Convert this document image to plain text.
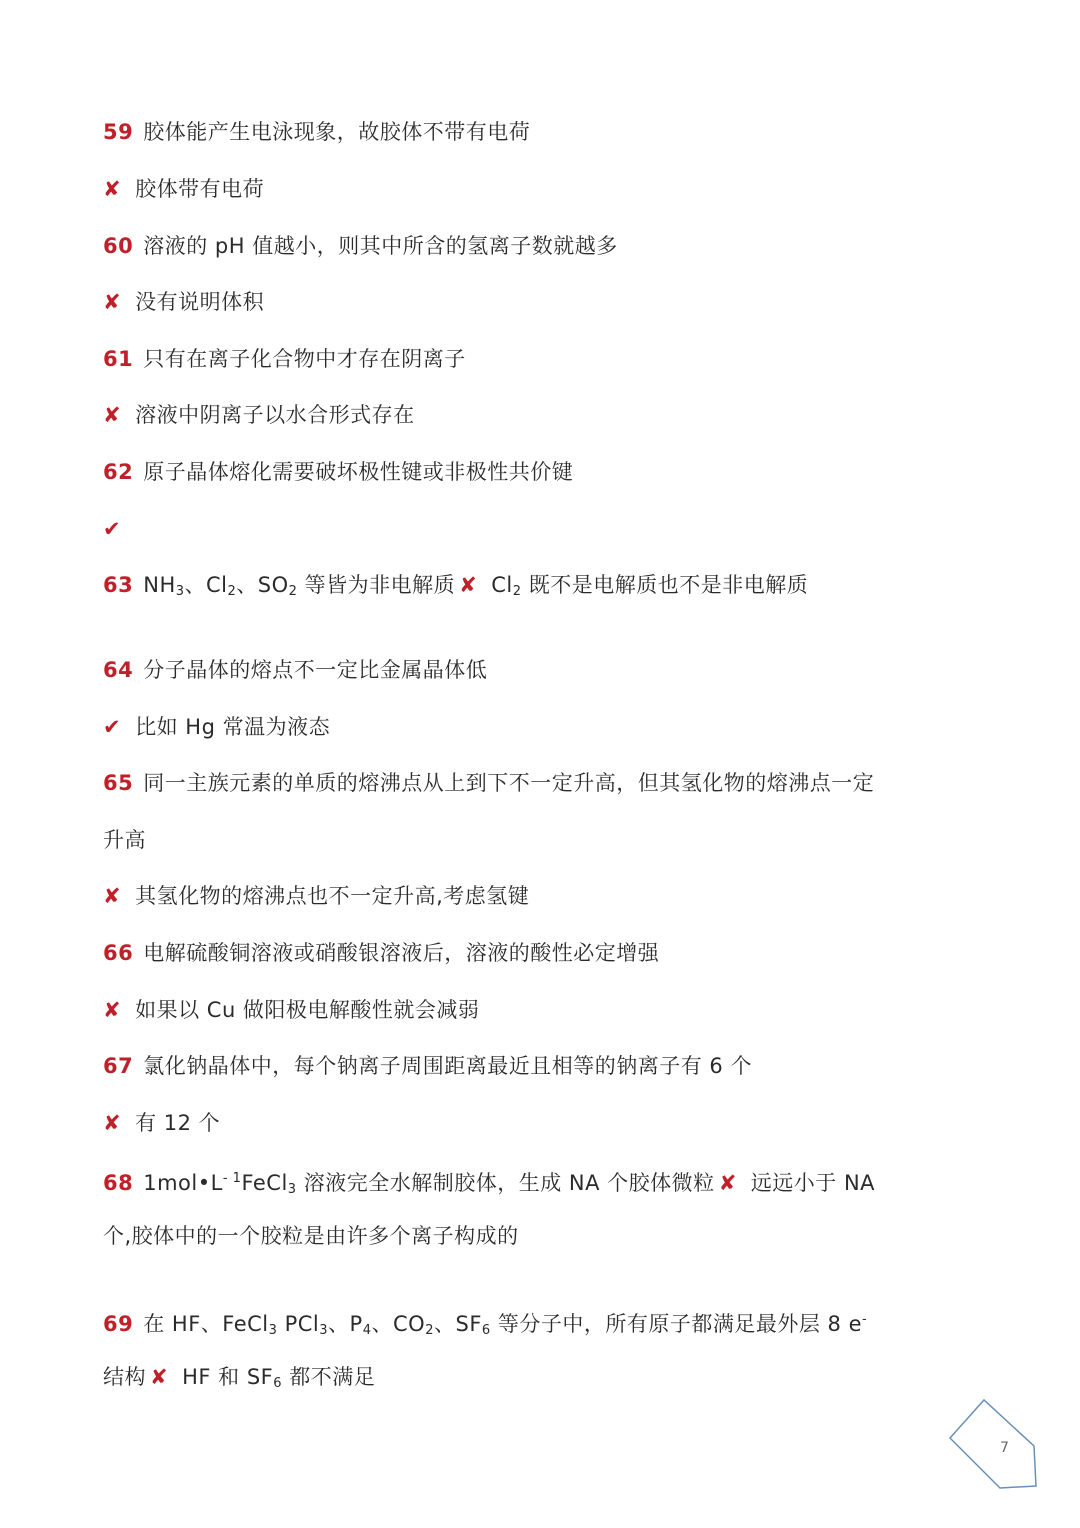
59 胶体能产生电泳现象，故胶体不带有电荷
✘ 胶体带有电荷
60 溶液的 pH 值越小，则其中所含的氢离子数就越多
✘ 没有说明体积
61 只有在离子化合物中才存在阴离子
✘ 溶液中阴离子以水合形式存在
62 原子晶体熔化需要破坏极性键或非极性共价键
✔
63 $NH_3$、$Cl_2$、$SO_2$ 等皆为非电解质 ✘ $Cl_2$ 既不是电解质也不是非电解质
64 分子晶体的熔点不一定比金属晶体低
✔ 比如 Hg 常温为液态
65 同一主族元素的单质的熔沸点从上到下不一定升高，但其氢化物的熔沸点一定
升高
✘ 其氢化物的熔沸点也不一定升高,考虑氢键
66 电解硫酸铜溶液或硝酸银溶液后，溶液的酸性必定增强
✘ 如果以 Cu 做阳极电解酸性就会减弱
67 氯化钠晶体中，每个钠离子周围距离最近且相等的钠离子有 6 个
✘ 有 12 个
68 $1mol•L^{- 1}FeCl_3$ 溶液完全水解制胶体，生成 NA 个胶体微粒 ✘ 远远小于 NA
个,胶体中的一个胶粒是由许多个离子构成的
69 在 HF、FeCl$_3$ PCl$_3$、$P_4$、$CO_2$、$SF_6$ 等分子中，所有原子都满足最外层 8 e-
结构 ✘ HF 和 $SF_6$ 都不满足
7
